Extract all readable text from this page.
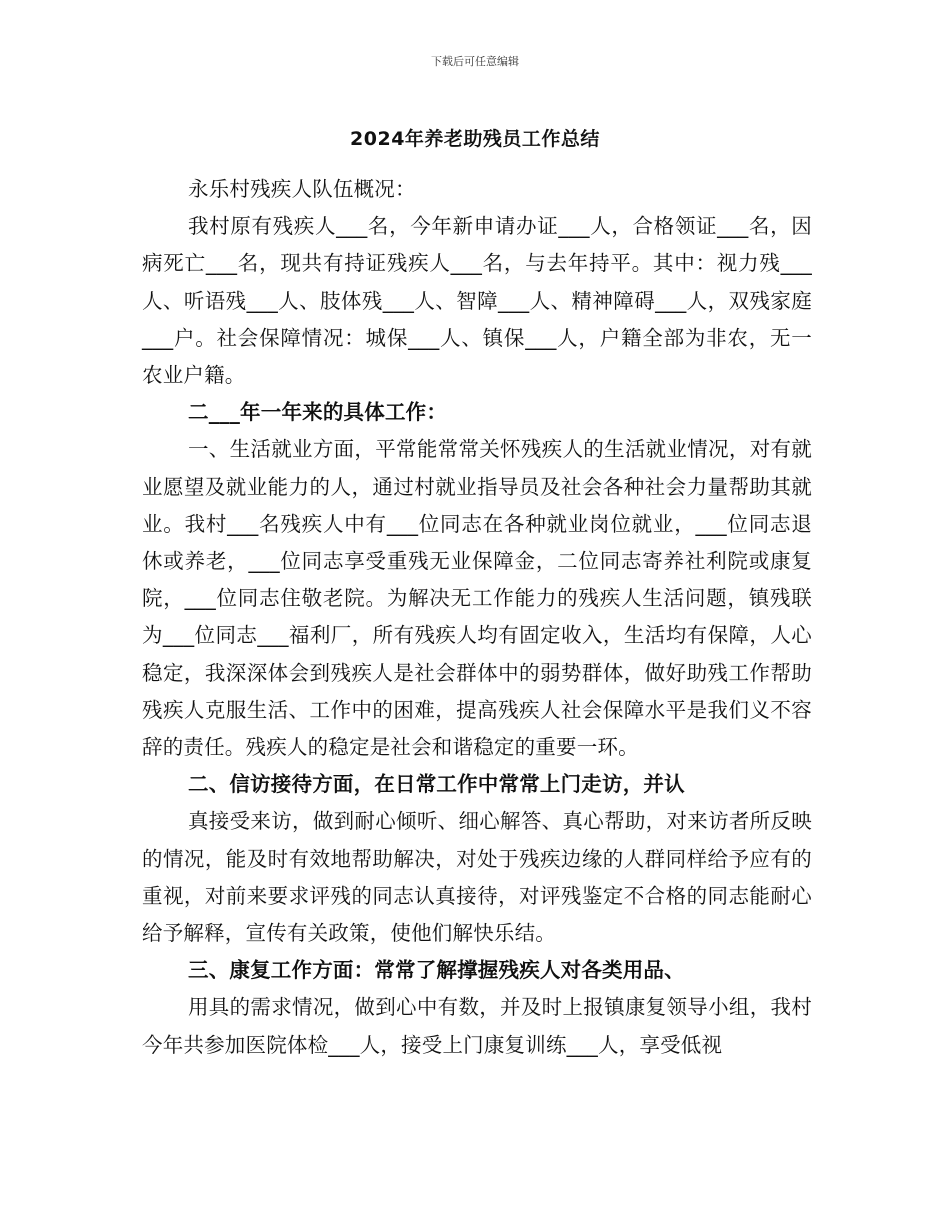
下载后可任意编辑
2024年养老助残员工作总结

永乐村残疾人队伍概况：

我村原有残疾人___名，今年新申请办证___人，合格领证___名，因病死亡___名，现共有持证残疾人___名，与去年持平。其中：视力残___人、听语残___人、肢体残___人、智障___人、精神障碍___人，双残家庭___户。社会保障情况：城保___人、镇保___人，户籍全部为非农，无一农业户籍。

二___年一年来的具体工作：

一、生活就业方面，平常能常常关怀残疾人的生活就业情况，对有就业愿望及就业能力的人，通过村就业指导员及社会各种社会力量帮助其就业。我村___名残疾人中有___位同志在各种就业岗位就业，___位同志退休或养老，___位同志享受重残无业保障金，二位同志寄养社利院或康复院，___位同志住敬老院。为解决无工作能力的残疾人生活问题，镇残联为___位同志___福利厂，所有残疾人均有固定收入，生活均有保障，人心稳定，我深深体会到残疾人是社会群体中的弱势群体，做好助残工作帮助残疾人克服生活、工作中的困难，提高残疾人社会保障水平是我们义不容辞的责任。残疾人的稳定是社会和谐稳定的重要一环。

二、信访接待方面，在日常工作中常常上门走访，并认

真接受来访，做到耐心倾听、细心解答、真心帮助，对来访者所反映的情况，能及时有效地帮助解决，对处于残疾边缘的人群同样给予应有的重视，对前来要求评残的同志认真接待，对评残鉴定不合格的同志能耐心给予解释，宣传有关政策，使他们解快乐结。

三、康复工作方面：常常了解撑握残疾人对各类用品、

用具的需求情况，做到心中有数，并及时上报镇康复领导小组，我村今年共参加医院体检___人，接受上门康复训练___人，享受低视
